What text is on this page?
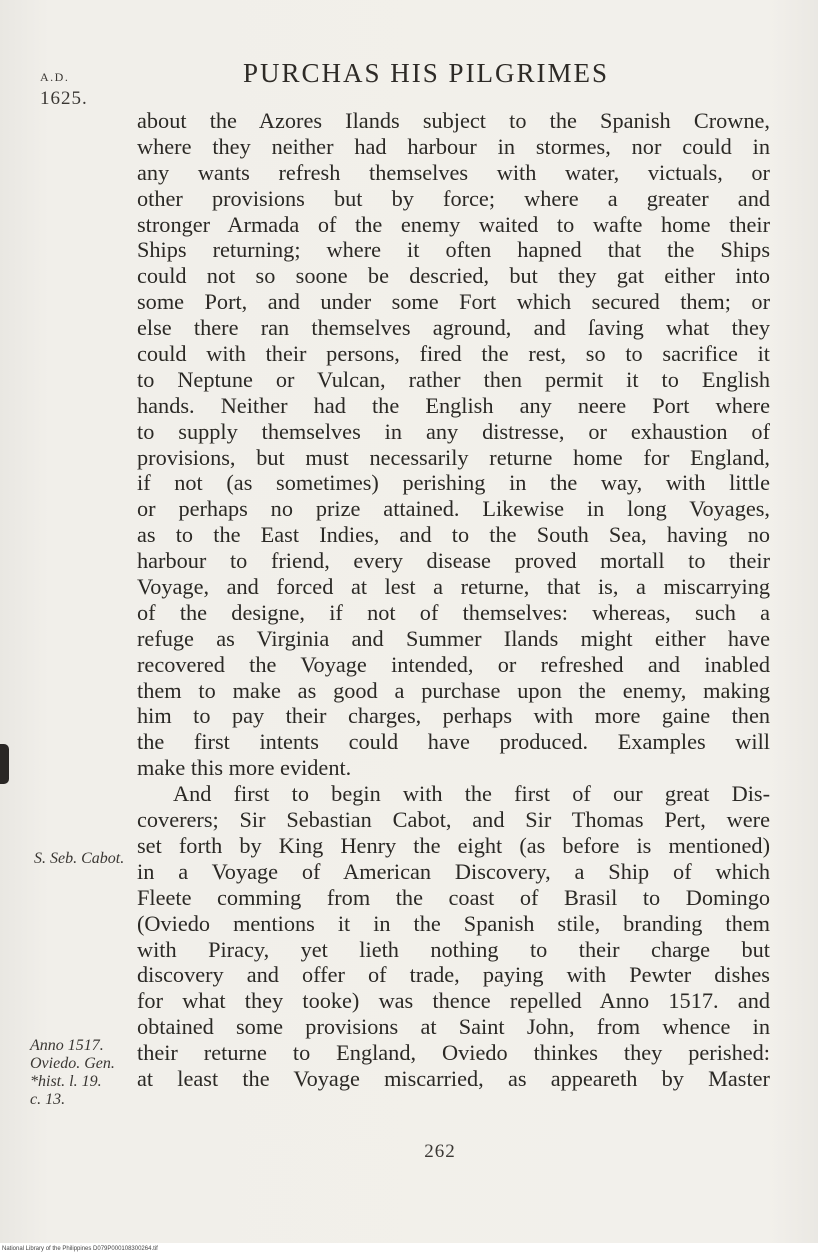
A.D.
1625.
PURCHAS HIS PILGRIMES
about the Azores Ilands subject to the Spanish Crowne,
where they neither had harbour in stormes, nor could in
any wants refresh themselves with water, victuals, or
other provisions but by force; where a greater and
stronger Armada of the enemy waited to wafte home their
Ships returning; where it often hapned that the Ships
could not so soone be descried, but they gat either into
some Port, and under some Fort which secured them; or
else there ran themselves aground, and ſaving what they
could with their persons, fired the rest, so to sacrifice it
to Neptune or Vulcan, rather then permit it to English
hands. Neither had the English any neere Port where
to supply themselves in any distresse, or exhaustion of
provisions, but must necessarily returne home for England,
if not (as sometimes) perishing in the way, with little
or perhaps no prize attained. Likewise in long Voyages,
as to the East Indies, and to the South Sea, having no
harbour to friend, every disease proved mortall to their
Voyage, and forced at lest a returne, that is, a miscarrying
of the designe, if not of themselves: whereas, such a
refuge as Virginia and Summer Ilands might either have
recovered the Voyage intended, or refreshed and inabled
them to make as good a purchase upon the enemy, making
him to pay their charges, perhaps with more gaine then
the first intents could have produced. Examples will
make this more evident.
And first to begin with the first of our great Dis-
coverers; Sir Sebastian Cabot, and Sir Thomas Pert, were
set forth by King Henry the eight (as before is mentioned)
in a Voyage of American Discovery, a Ship of which
Fleete comming from the coast of Brasil to Domingo
(Oviedo mentions it in the Spanish stile, branding them
with Piracy, yet lieth nothing to their charge but
discovery and offer of trade, paying with Pewter dishes
for what they tooke) was thence repelled Anno 1517. and
obtained some provisions at Saint John, from whence in
their returne to England, Oviedo thinkes they perished:
at least the Voyage miscarried, as appeareth by Master
S. Seb. Cabot.
Anno 1517.
Oviedo. Gen.
*hist. l. 19.
c. 13.
262
National Library of the Philippines D079P000108300264.tif
